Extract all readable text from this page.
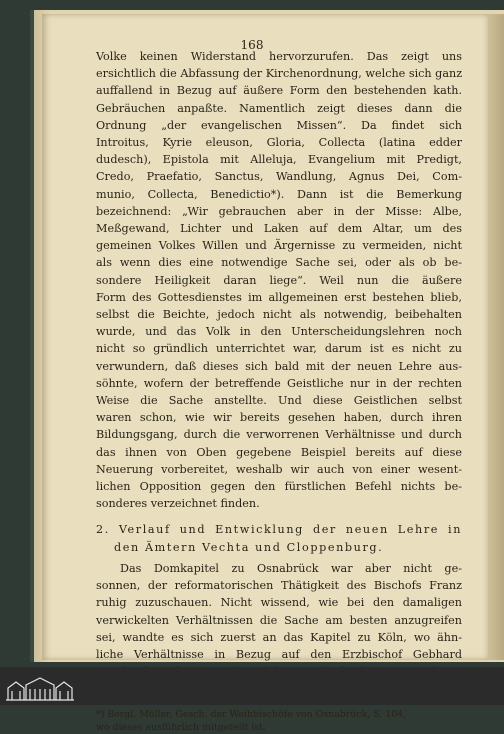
168
Volke keinen Widerstand hervorzurufen. Das zeigt uns
ersichtlich die Abfassung der Kirchenordnung, welche sich ganz
auffallend in Bezug auf äußere Form den bestehenden kath.
Gebräuchen anpaßte. Namentlich zeigt dieses dann die
Ordnung „der evangelischen Missen“. Da findet sich
Introitus, Kyrie eleuson, Gloria, Collecta (latina edder
dudesch), Epistola mit Alleluja, Evangelium mit Predigt,
Credo, Praefatio, Sanctus, Wandlung, Agnus Dei, Com-
munio, Collecta, Benedictio*). Dann ist die Bemerkung
bezeichnend: „Wir gebrauchen aber in der Misse: Albe,
Meßgewand, Lichter und Laken auf dem Altar, um des
gemeinen Volkes Willen und Ärgernisse zu vermeiden, nicht
als wenn dies eine notwendige Sache sei, oder als ob be-
sondere Heiligkeit daran liege“. Weil nun die äußere
Form des Gottesdienstes im allgemeinen erst bestehen blieb,
selbst die Beichte, jedoch nicht als notwendig, beibehalten
wurde, und das Volk in den Unterscheidungslehren noch
nicht so gründlich unterrichtet war, darum ist es nicht zu
verwundern, daß dieses sich bald mit der neuen Lehre aus-
söhnte, wofern der betreffende Geistliche nur in der rechten
Weise die Sache anstellte. Und diese Geistlichen selbst
waren schon, wie wir bereits gesehen haben, durch ihren
Bildungsgang, durch die verworrenen Verhältnisse und durch
das ihnen von Oben gegebene Beispiel bereits auf diese
Neuerung vorbereitet, weshalb wir auch von einer wesent-
lichen Opposition gegen den fürstlichen Befehl nichts be-
sonderes verzeichnet finden.
2. Verlauf und Entwicklung der neuen Lehre in
den Ämtern Vechta und Cloppenburg.
Das Domkapitel zu Osnabrück war aber nicht ge-
sonnen, der reformatorischen Thätigkeit des Bischofs Franz
ruhig zuzuschauen. Nicht wissend, wie bei den damaligen
verwickelten Verhältnissen die Sache am besten anzugreifen
sei, wandte es sich zuerst an das Kapitel zu Köln, wo ähn-
liche Verhältnisse in Bezug auf den Erzbischof Gebhard
*) Bergl. Möller, Gesch. der Weihbischöfe von Osnabrück, S. 104,
wo dieses ausführlich mitgeteilt ist.
